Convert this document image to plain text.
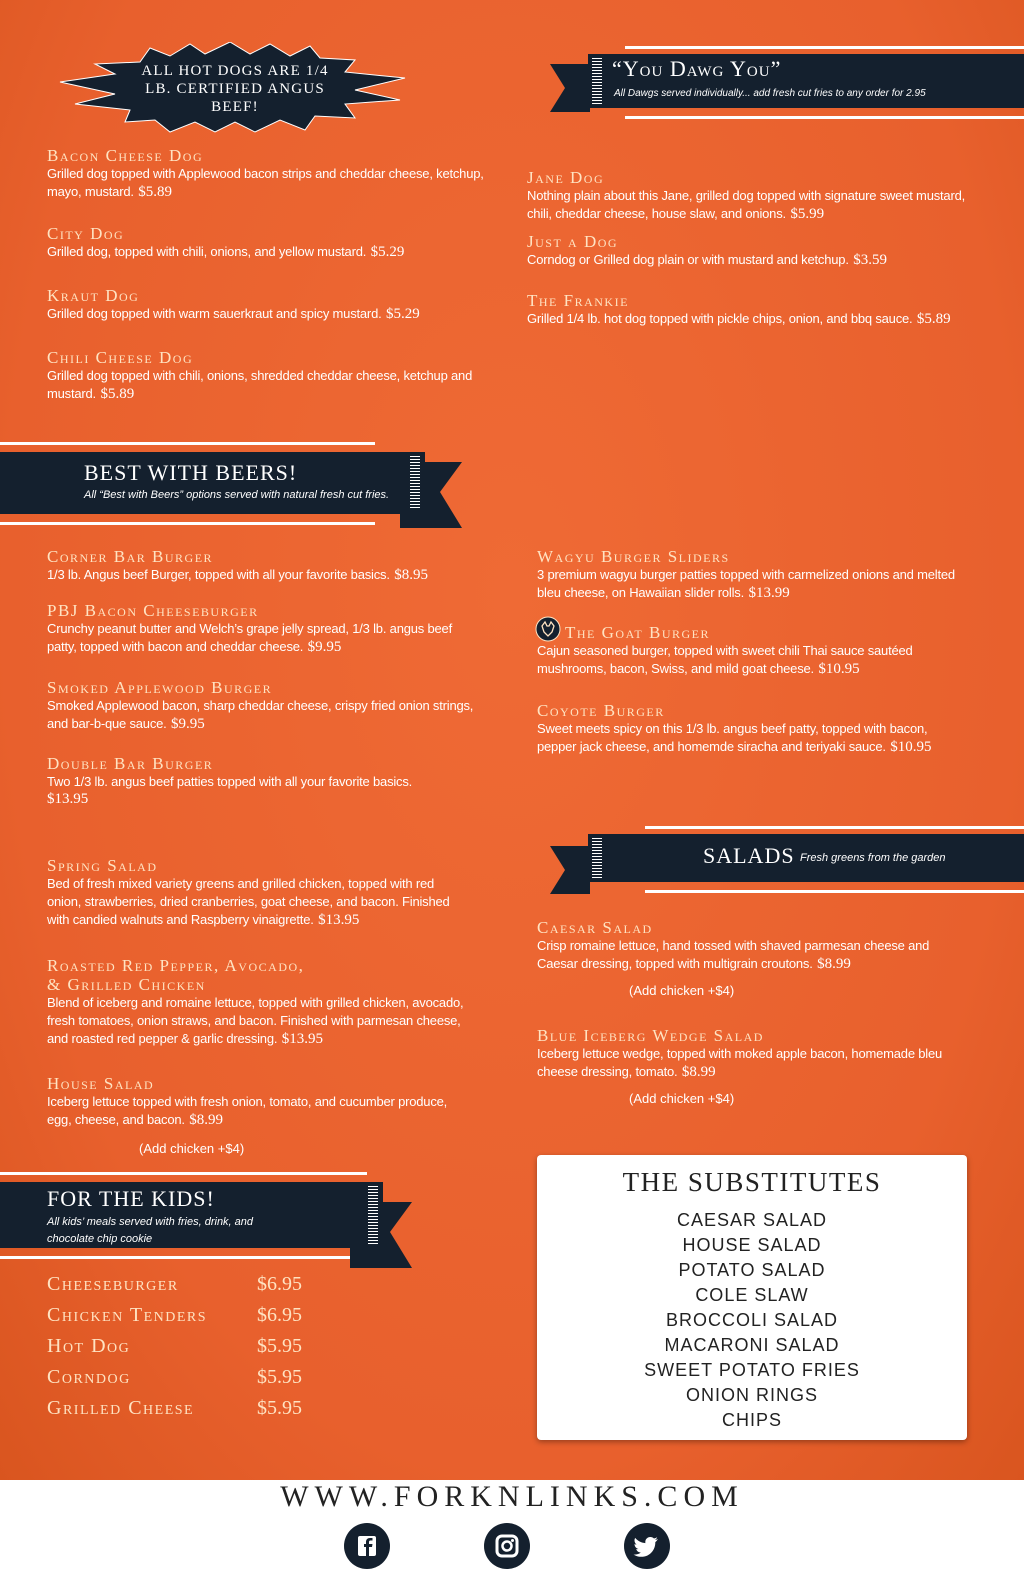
ALL HOT DOGS ARE 1/4 LB. CERTIFIED ANGUS BEEF!
Bacon Cheese Dog
Grilled dog topped with Applewood bacon strips and cheddar cheese, ketchup, mayo, mustard. $5.89
City Dog
Grilled dog, topped with chili, onions, and yellow mustard. $5.29
Kraut Dog
Grilled dog topped with warm sauerkraut and spicy mustard. $5.29
Chili Cheese Dog
Grilled dog topped with chili, onions, shredded cheddar cheese, ketchup and mustard. $5.89
“You Dawg You”
All Dawgs served individually... add fresh cut fries to any order for 2.95
Jane Dog
Nothing plain about this Jane, grilled dog topped with signature sweet mustard, chili, cheddar cheese, house slaw, and onions. $5.99
Just a Dog
Corndog or Grilled dog plain or with mustard and ketchup. $3.59
The Frankie
Grilled 1/4 lb. hot dog topped with pickle chips, onion, and bbq sauce. $5.89
BEST WITH BEERS!
All “Best with Beers” options served with natural fresh cut fries.
Corner Bar Burger
1/3 lb. Angus beef Burger, topped with all your favorite basics. $8.95
PBJ Bacon Cheeseburger
Crunchy peanut butter and Welch’s grape jelly spread, 1/3 lb. angus beef patty, topped with bacon and cheddar cheese. $9.95
Smoked Applewood Burger
Smoked Applewood bacon, sharp cheddar cheese, crispy fried onion strings, and bar-b-que sauce. $9.95
Double Bar Burger
Two 1/3 lb. angus beef patties topped with all your favorite basics.
$13.95
Wagyu Burger Sliders
3 premium wagyu burger patties topped with carmelized onions and melted bleu cheese, on Hawaiian slider rolls. $13.99
The Goat Burger
Cajun seasoned burger, topped with sweet chili Thai sauce sautéed mushrooms, bacon, Swiss, and mild goat cheese. $10.95
Coyote Burger
Sweet meets spicy on this 1/3 lb. angus beef patty, topped with bacon, pepper jack cheese, and homemde siracha and teriyaki sauce. $10.95
Spring Salad
Bed of fresh mixed variety greens and grilled chicken, topped with red onion, strawberries, dried cranberries, goat cheese, and bacon. Finished with candied walnuts and Raspberry vinaigrette. $13.95
Roasted Red Pepper, Avocado,
& Grilled Chicken
Blend of iceberg and romaine lettuce, topped with grilled chicken, avocado, fresh tomatoes, onion straws, and bacon. Finished with parmesan cheese, and roasted red pepper & garlic dressing. $13.95
House Salad
Iceberg lettuce topped with fresh onion, tomato, and cucumber produce, egg, cheese, and bacon. $8.99
(Add chicken +$4)
SALADS Fresh greens from the garden
Caesar Salad
Crisp romaine lettuce, hand tossed with shaved parmesan cheese and Caesar dressing, topped with multigrain croutons. $8.99
(Add chicken +$4)
Blue Iceberg Wedge Salad
Iceberg lettuce wedge, topped with moked apple bacon, homemade bleu cheese dressing, tomato. $8.99
(Add chicken +$4)
FOR THE KIDS!
All kids’ meals served with fries, drink, and chocolate chip cookie
Cheeseburger	$6.95
Chicken Tenders $6.95
Hot Dog	$5.95
Corndog	$5.95
Grilled Cheese	$5.95
THE SUBSTITUTES
CAESAR SALAD
HOUSE SALAD
POTATO SALAD
COLE SLAW
BROCCOLI SALAD
MACARONI SALAD
SWEET POTATO FRIES
ONION RINGS
CHIPS
WWW.FORKNLINKS.COM
